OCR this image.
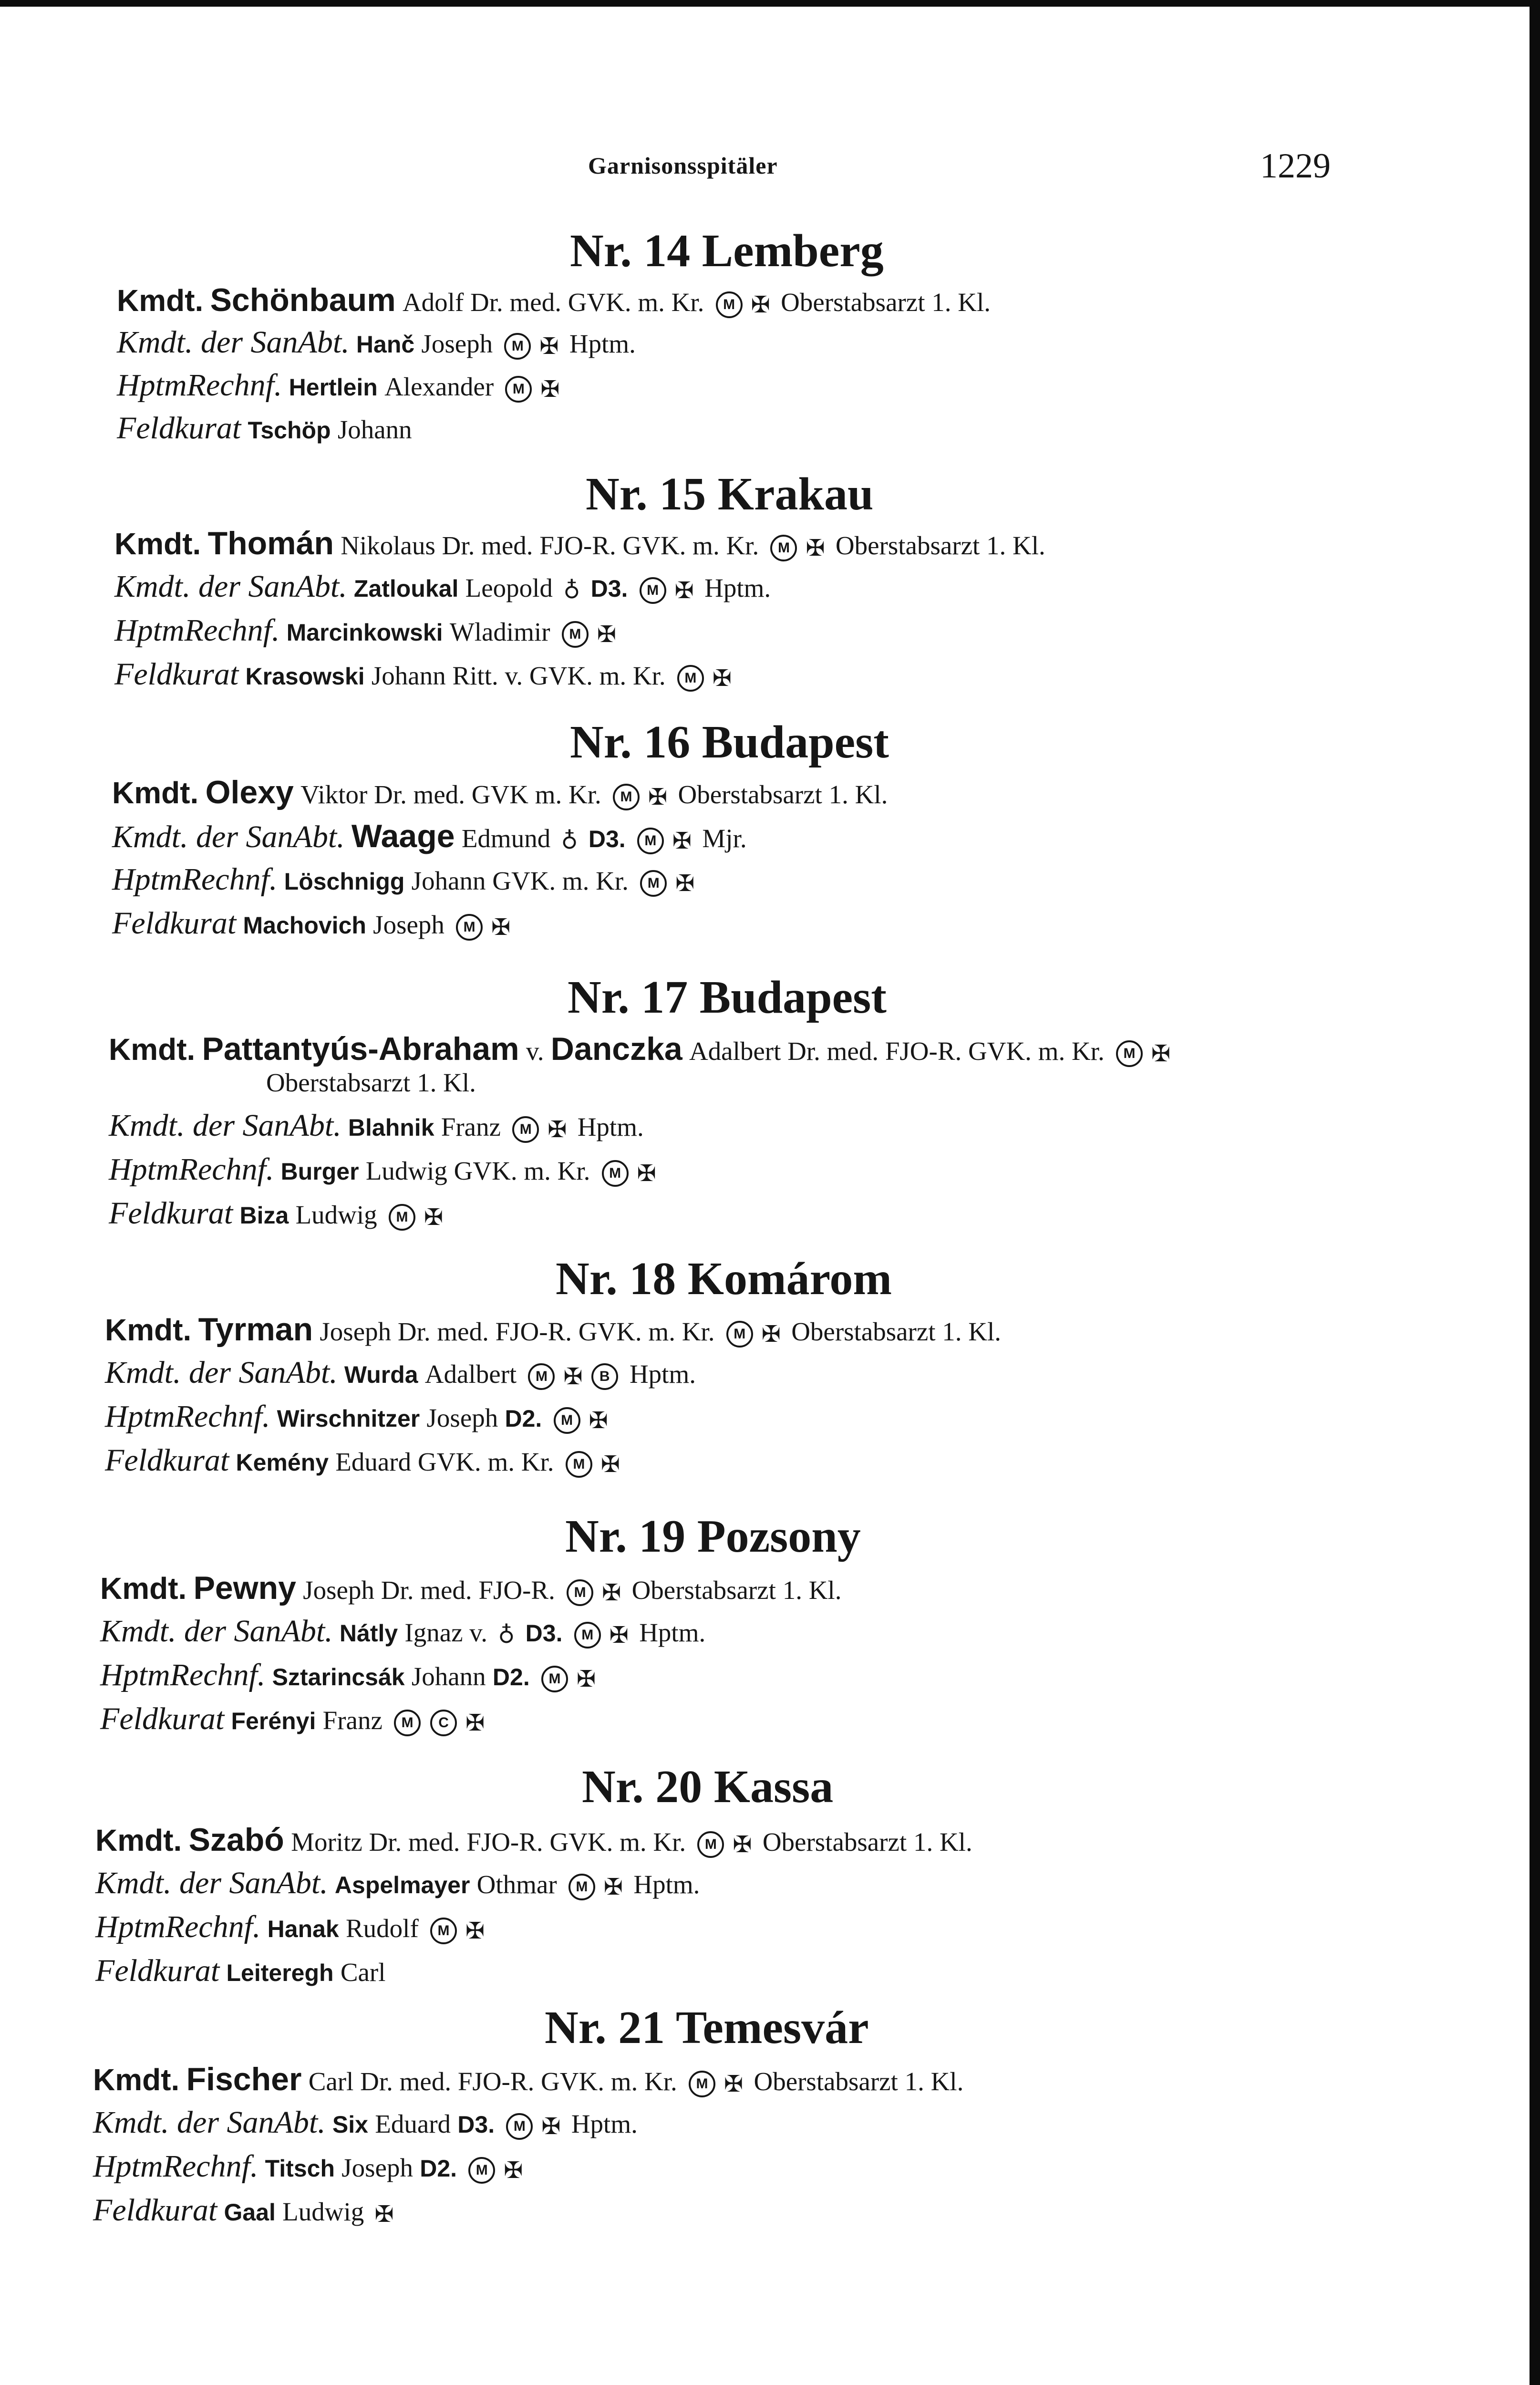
Garnisonsspitäler	1229
Nr. 14 Lemberg
Kmdt. Schönbaum Adolf Dr. med. GVK. m. Kr. M ✠ Oberstabsarzt 1. Kl.
Kmdt. der SanAbt. Hanč Joseph M ✠ Hptm.
HptmRechnf. Hertlein Alexander M ✠
Feldkurat Tschöp Johann
Nr. 15 Krakau
Kmdt. Thomán Nikolaus Dr. med. FJO-R. GVK. m. Kr. M ✠ Oberstabsarzt 1. Kl.
Kmdt. der SanAbt. Zatloukal Leopold ♁ D3. M ✠ Hptm.
HptmRechnf. Marcinkowski Wladimir M ✠
Feldkurat Krasowski Johann Ritt. v. GVK. m. Kr. M ✠
Nr. 16 Budapest
Kmdt. Olexy Viktor Dr. med. GVK m. Kr. M ✠ Oberstabsarzt 1. Kl.
Kmdt. der SanAbt. Waage Edmund ♁ D3. M ✠ Mjr.
HptmRechnf. Löschnigg Johann GVK. m. Kr. M ✠
Feldkurat Machovich Joseph M ✠
Nr. 17 Budapest
Kmdt. Pattantyús-Abraham v. Danczka Adalbert Dr. med. FJO-R. GVK. m. Kr. M ✠
Oberstabsarzt 1. Kl.
Kmdt. der SanAbt. Blahnik Franz M ✠ Hptm.
HptmRechnf. Burger Ludwig GVK. m. Kr. M ✠
Feldkurat Biza Ludwig M ✠
Nr. 18 Komárom
Kmdt. Tyrman Joseph Dr. med. FJO-R. GVK. m. Kr. M ✠ Oberstabsarzt 1. Kl.
Kmdt. der SanAbt. Wurda Adalbert M ✠ B Hptm.
HptmRechnf. Wirschnitzer Joseph D2. M ✠
Feldkurat Kemény Eduard GVK. m. Kr. M ✠
Nr. 19 Pozsony
Kmdt. Pewny Joseph Dr. med. FJO-R. M ✠ Oberstabsarzt 1. Kl.
Kmdt. der SanAbt. Nátly Ignaz v. ♁ D3. M ✠ Hptm.
HptmRechnf. Sztarincsák Johann D2. M ✠
Feldkurat Ferényi Franz M C ✠
Nr. 20 Kassa
Kmdt. Szabó Moritz Dr. med. FJO-R. GVK. m. Kr. M ✠ Oberstabsarzt 1. Kl.
Kmdt. der SanAbt. Aspelmayer Othmar M ✠ Hptm.
HptmRechnf. Hanak Rudolf M ✠
Feldkurat Leiteregh Carl
Nr. 21 Temesvár
Kmdt. Fischer Carl Dr. med. FJO-R. GVK. m. Kr. M ✠ Oberstabsarzt 1. Kl.
Kmdt. der SanAbt. Six Eduard D3. M ✠ Hptm.
HptmRechnf. Titsch Joseph D2. M ✠
Feldkurat Gaal Ludwig ✠
